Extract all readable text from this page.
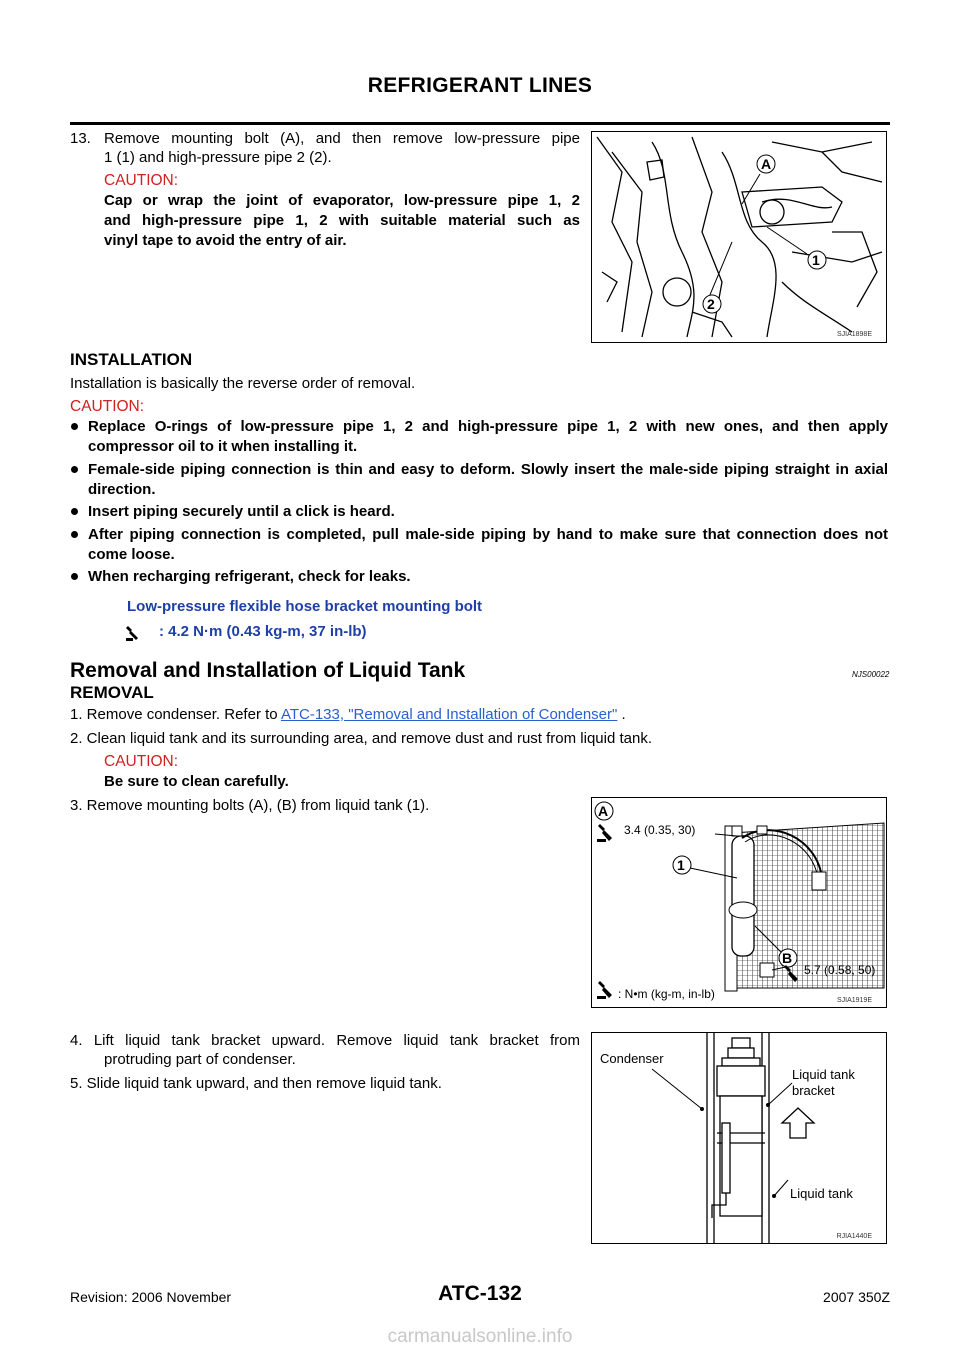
REFRIGERANT LINES
13. Remove mounting bolt (A), and then remove low-pressure pipe
1 (1) and high-pressure pipe 2 (2).
CAUTION:
Cap or wrap the joint of evaporator, low-pressure pipe 1, 2
and high-pressure pipe 1, 2 with suitable material such as
vinyl tape to avoid the entry of air.
A
1
2
SJIA1898E
INSTALLATION
Installation is basically the reverse order of removal.
CAUTION:
Replace O-rings of low-pressure pipe 1, 2 and high-pressure pipe 1, 2 with new ones, and then apply compressor oil to it when installing it.
Female-side piping connection is thin and easy to deform. Slowly insert the male-side piping straight in axial direction.
Insert piping securely until a click is heard.
After piping connection is completed, pull male-side piping by hand to make sure that connection does not come loose.
When recharging refrigerant, check for leaks.
Low-pressure flexible hose bracket mounting bolt
: 4.2 N·m (0.43 kg-m, 37 in-lb)
Removal and Installation of Liquid Tank	NJS00022
REMOVAL
1. Remove condenser. Refer to ATC-133, "Removal and Installation of Condenser" .
2. Clean liquid tank and its surrounding area, and remove dust and rust from liquid tank.
CAUTION:
Be sure to clean carefully.
3. Remove mounting bolts (A), (B) from liquid tank (1).	A
1
B
3.4 (0.35, 30)
5.7 (0.58, 50)
: N•m (kg-m, in-lb)	SJIA1919E
4. Lift liquid tank bracket upward. Remove liquid tank bracket from
protruding part of condenser.
5. Slide liquid tank upward, and then remove liquid tank.
Condenser
Liquid tank
bracket
Liquid tank
RJIA1440E
Revision: 2006 November	ATC-132	2007 350Z
carmanualsonline.info
